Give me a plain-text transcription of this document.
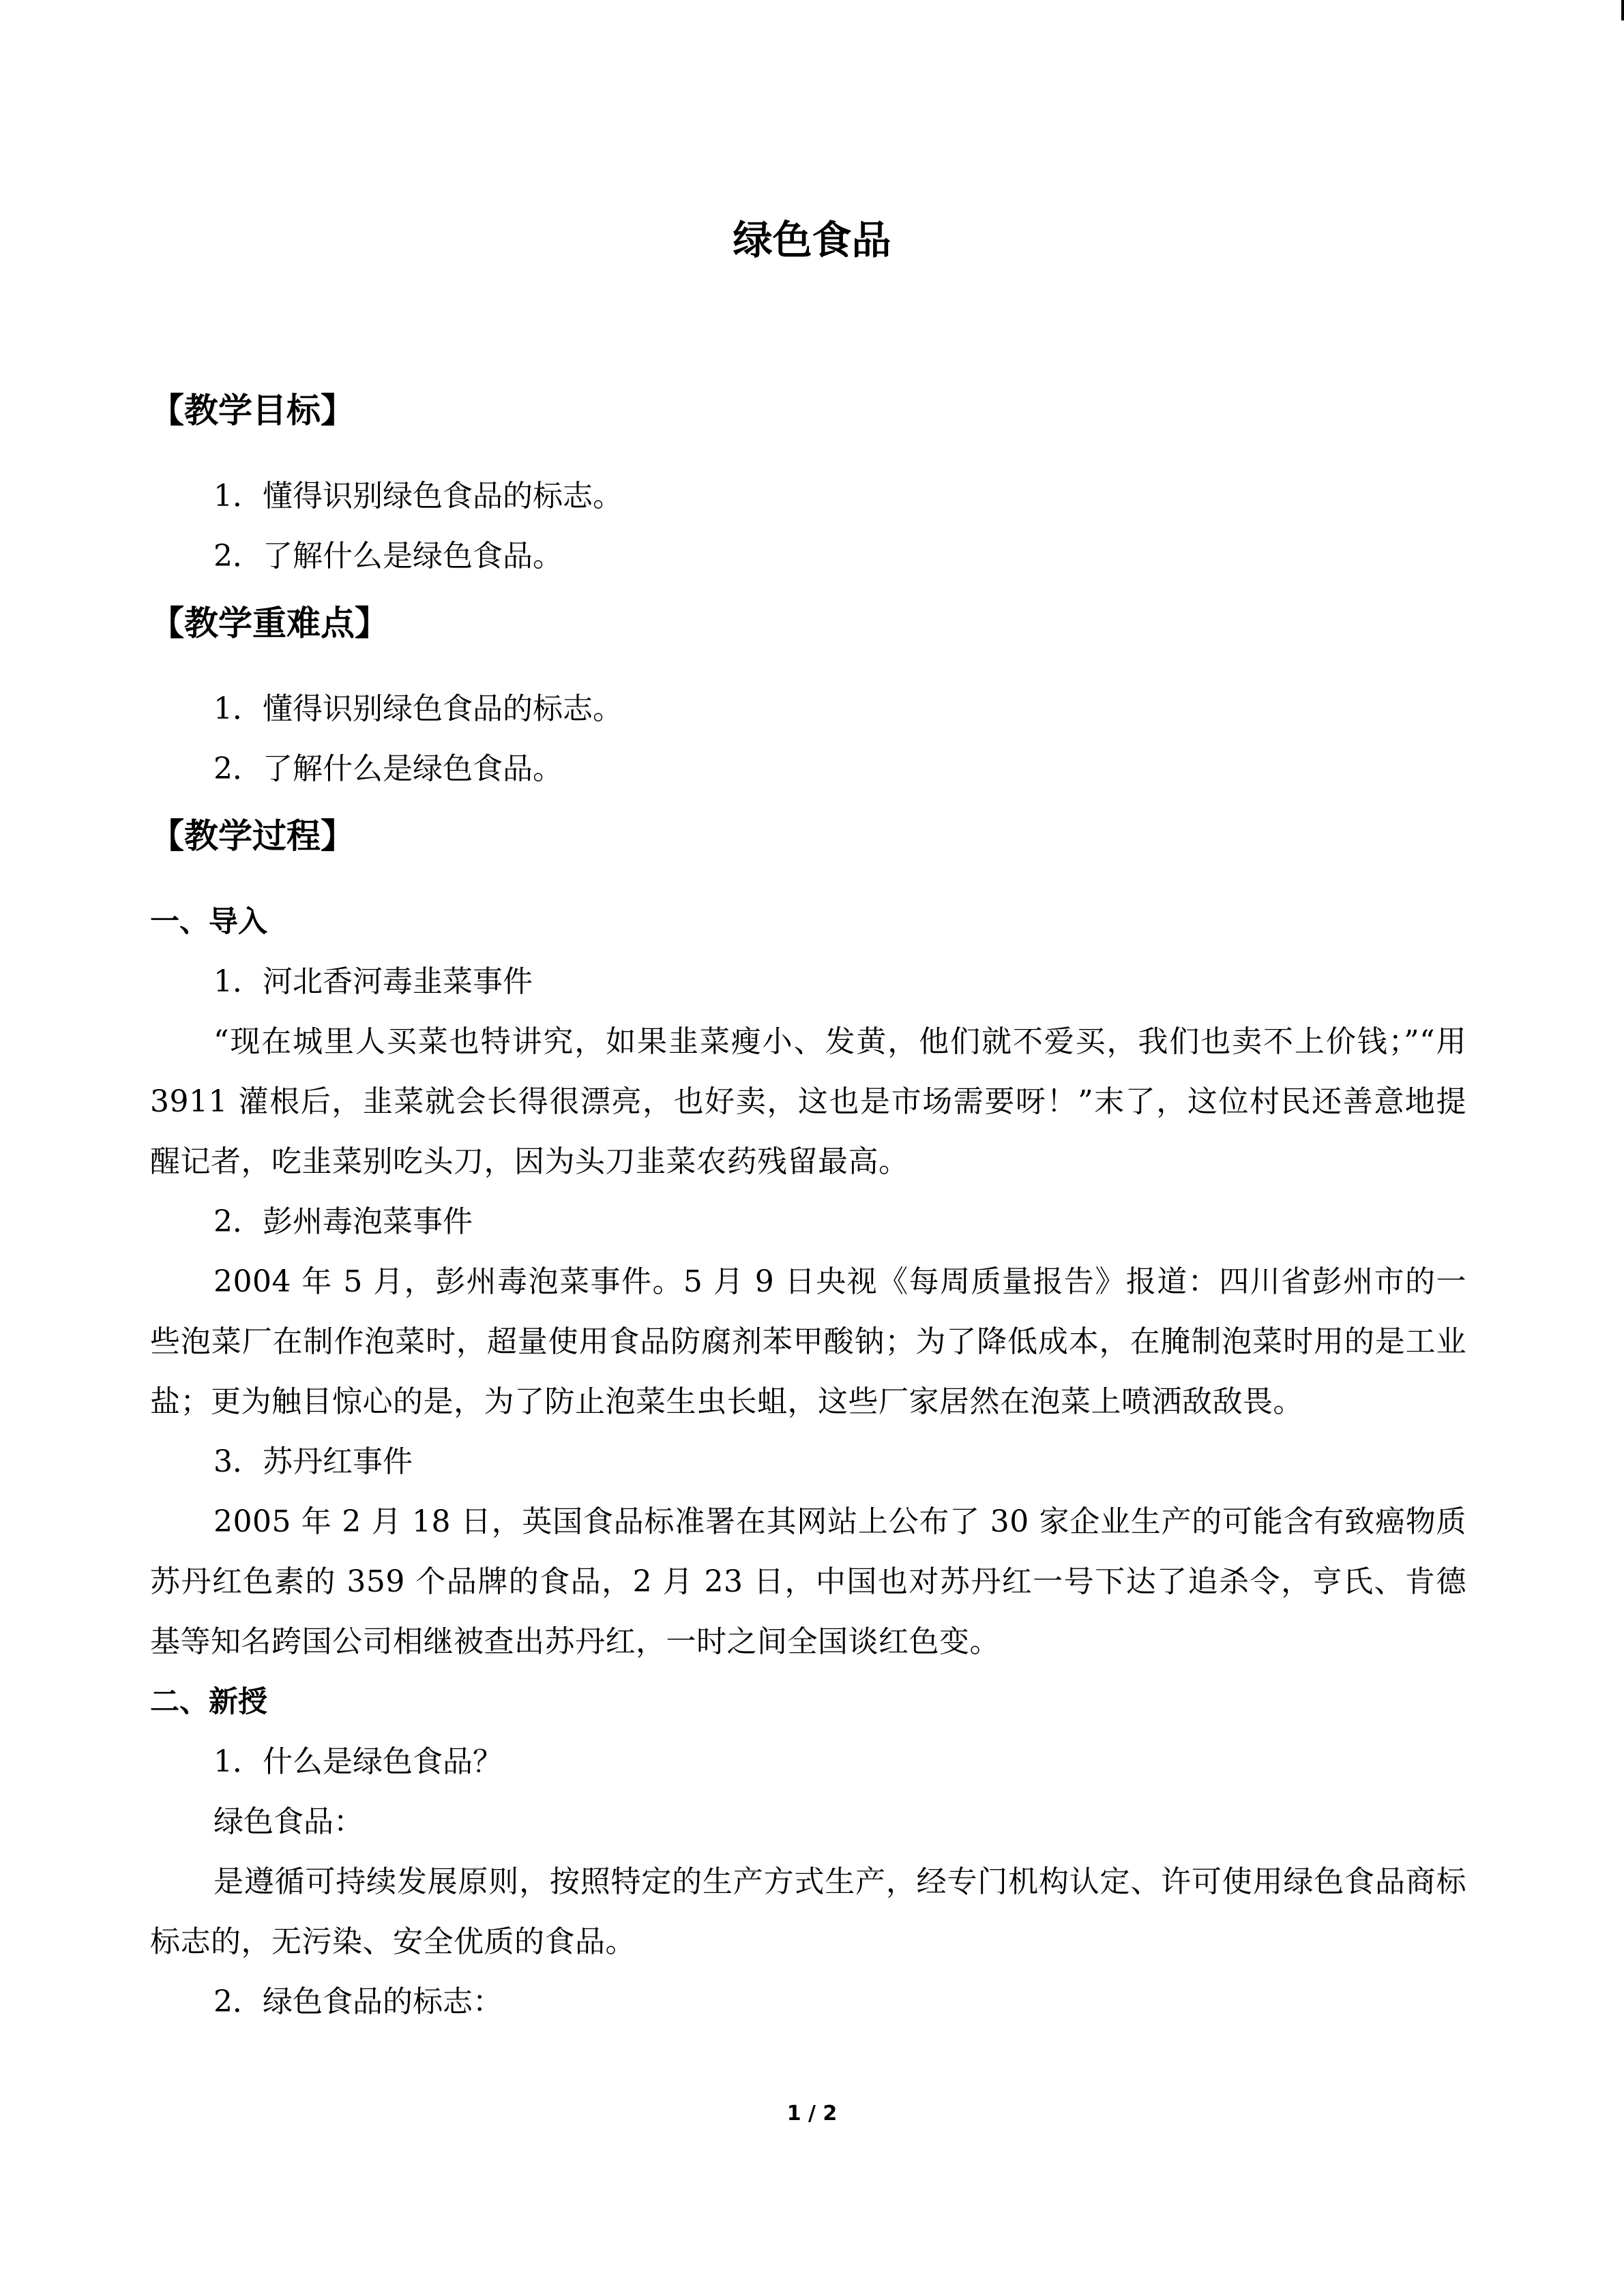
绿色食品
【教学目标】

1．懂得识别绿色食品的标志。

2．了解什么是绿色食品。

【教学重难点】

1．懂得识别绿色食品的标志。

2．了解什么是绿色食品。

【教学过程】

一、导入

1．河北香河毒韭菜事件

“现在城里人买菜也特讲究，如果韭菜瘦小、发黄，他们就不爱买，我们也卖不上价钱；”“用 3911 灌根后，韭菜就会长得很漂亮，也好卖，这也是市场需要呀！”末了，这位村民还善意地提醒记者，吃韭菜别吃头刀，因为头刀韭菜农药残留最高。

2．彭州毒泡菜事件

2004 年 5 月，彭州毒泡菜事件。5 月 9 日央视《每周质量报告》报道：四川省彭州市的一些泡菜厂在制作泡菜时，超量使用食品防腐剂苯甲酸钠；为了降低成本，在腌制泡菜时用的是工业盐；更为触目惊心的是，为了防止泡菜生虫长蛆，这些厂家居然在泡菜上喷洒敌敌畏。

3．苏丹红事件

2005 年 2 月 18 日，英国食品标准署在其网站上公布了 30 家企业生产的可能含有致癌物质苏丹红色素的 359 个品牌的食品，2 月 23 日，中国也对苏丹红一号下达了追杀令，亨氏、肯德基等知名跨国公司相继被查出苏丹红，一时之间全国谈红色变。

二、新授

1．什么是绿色食品？

绿色食品：

是遵循可持续发展原则，按照特定的生产方式生产，经专门机构认定、许可使用绿色食品商标标志的，无污染、安全优质的食品。

2．绿色食品的标志：

1 / 2
